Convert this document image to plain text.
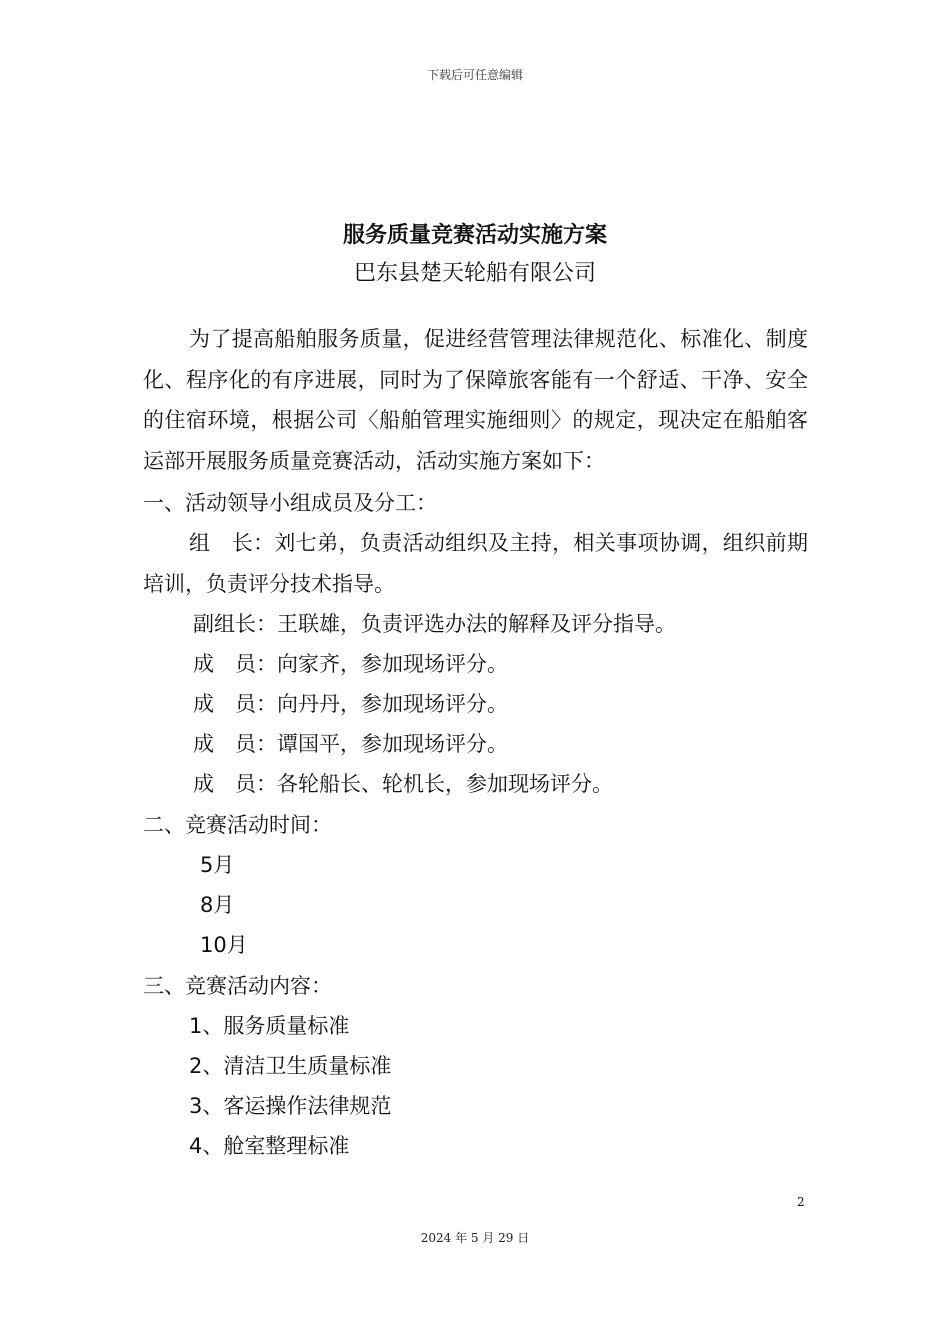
下载后可任意编辑
服务质量竞赛活动实施方案
巴东县楚天轮船有限公司

为了提高船舶服务质量，促进经营管理法律规范化、标准化、制度化、程序化的有序进展，同时为了保障旅客能有一个舒适、干净、安全的住宿环境，根据公司〈船舶管理实施细则〉的规定，现决定在船舶客运部开展服务质量竞赛活动，活动实施方案如下：

一、活动领导小组成员及分工：

组　长：刘七弟，负责活动组织及主持，相关事项协调，组织前期培训，负责评分技术指导。

副组长：王联雄，负责评选办法的解释及评分指导。
成　员：向家齐，参加现场评分。
成　员：向丹丹，参加现场评分。
成　员：谭国平，参加现场评分。
成　员：各轮船长、轮机长，参加现场评分。
二、竞赛活动时间：
5月
8月
10月
三、竞赛活动内容：
1、服务质量标准
2、清洁卫生质量标准
3、客运操作法律规范
4、舱室整理标准
2
2024 年 5 月 29 日
